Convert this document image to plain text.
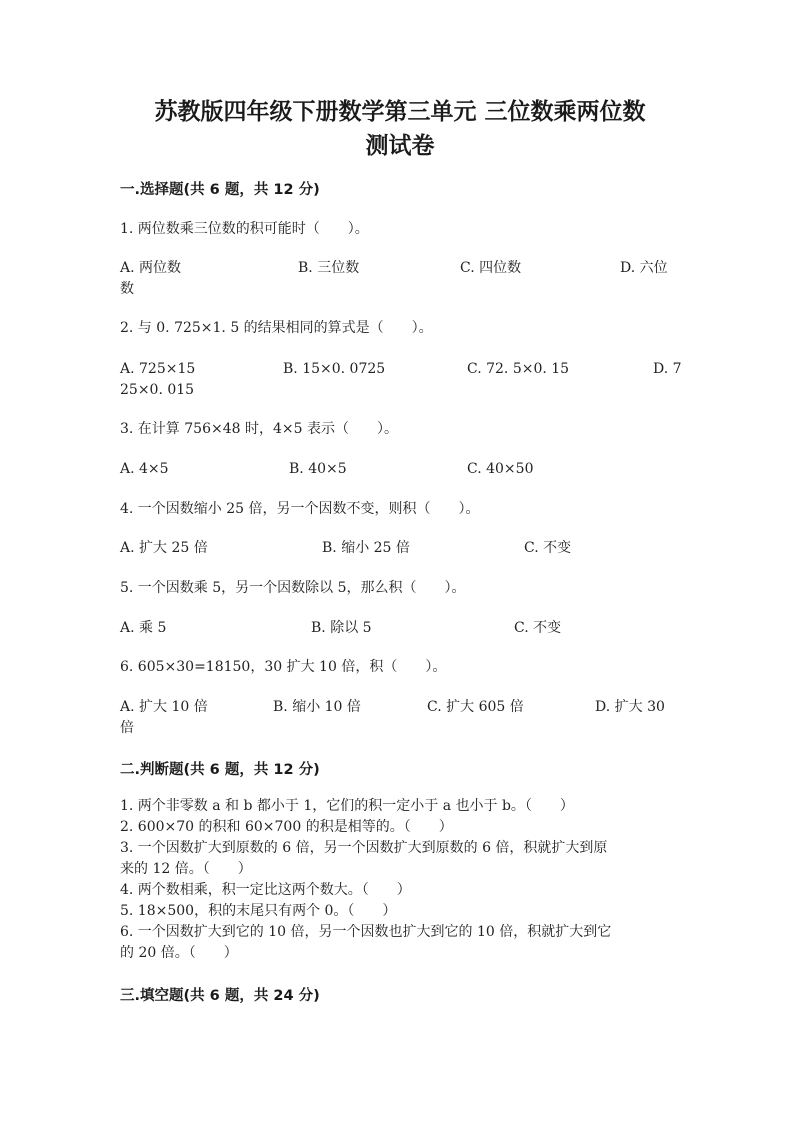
苏教版四年级下册数学第三单元 三位数乘两位数
测试卷
一.选择题(共 6 题，共 12 分)
1. 两位数乘三位数的积可能时（　　）。
A. 两位数	B. 三位数	C. 四位数	D. 六位
数
2. 与 0. 725×1. 5 的结果相同的算式是（　　）。
A. 725×15	B. 15×0. 0725	C. 72. 5×0. 15	D. 7
25×0. 015
3. 在计算 756×48 时，4×5 表示（　　）。
A. 4×5	B. 40×5	C. 40×50
4. 一个因数缩小 25 倍，另一个因数不变，则积（　　）。
A. 扩大 25 倍	B. 缩小 25 倍	C. 不变
5. 一个因数乘 5，另一个因数除以 5，那么积（　　）。
A. 乘 5	B. 除以 5	C. 不变
6. 605×30=18150，30 扩大 10 倍，积（　　）。
A. 扩大 10 倍	B. 缩小 10 倍	C. 扩大 605 倍	D. 扩大 30
倍
二.判断题(共 6 题，共 12 分)
1. 两个非零数 a 和 b 都小于 1，它们的积一定小于 a 也小于 b。（　　）
2. 600×70 的积和 60×700 的积是相等的。（　　）
3. 一个因数扩大到原数的 6 倍，另一个因数扩大到原数的 6 倍，积就扩大到原
来的 12 倍。（　　）
4. 两个数相乘，积一定比这两个数大。（　　）
5. 18×500，积的末尾只有两个 0。（　　）
6. 一个因数扩大到它的 10 倍，另一个因数也扩大到它的 10 倍，积就扩大到它
的 20 倍。（　　）
三.填空题(共 6 题，共 24 分)
